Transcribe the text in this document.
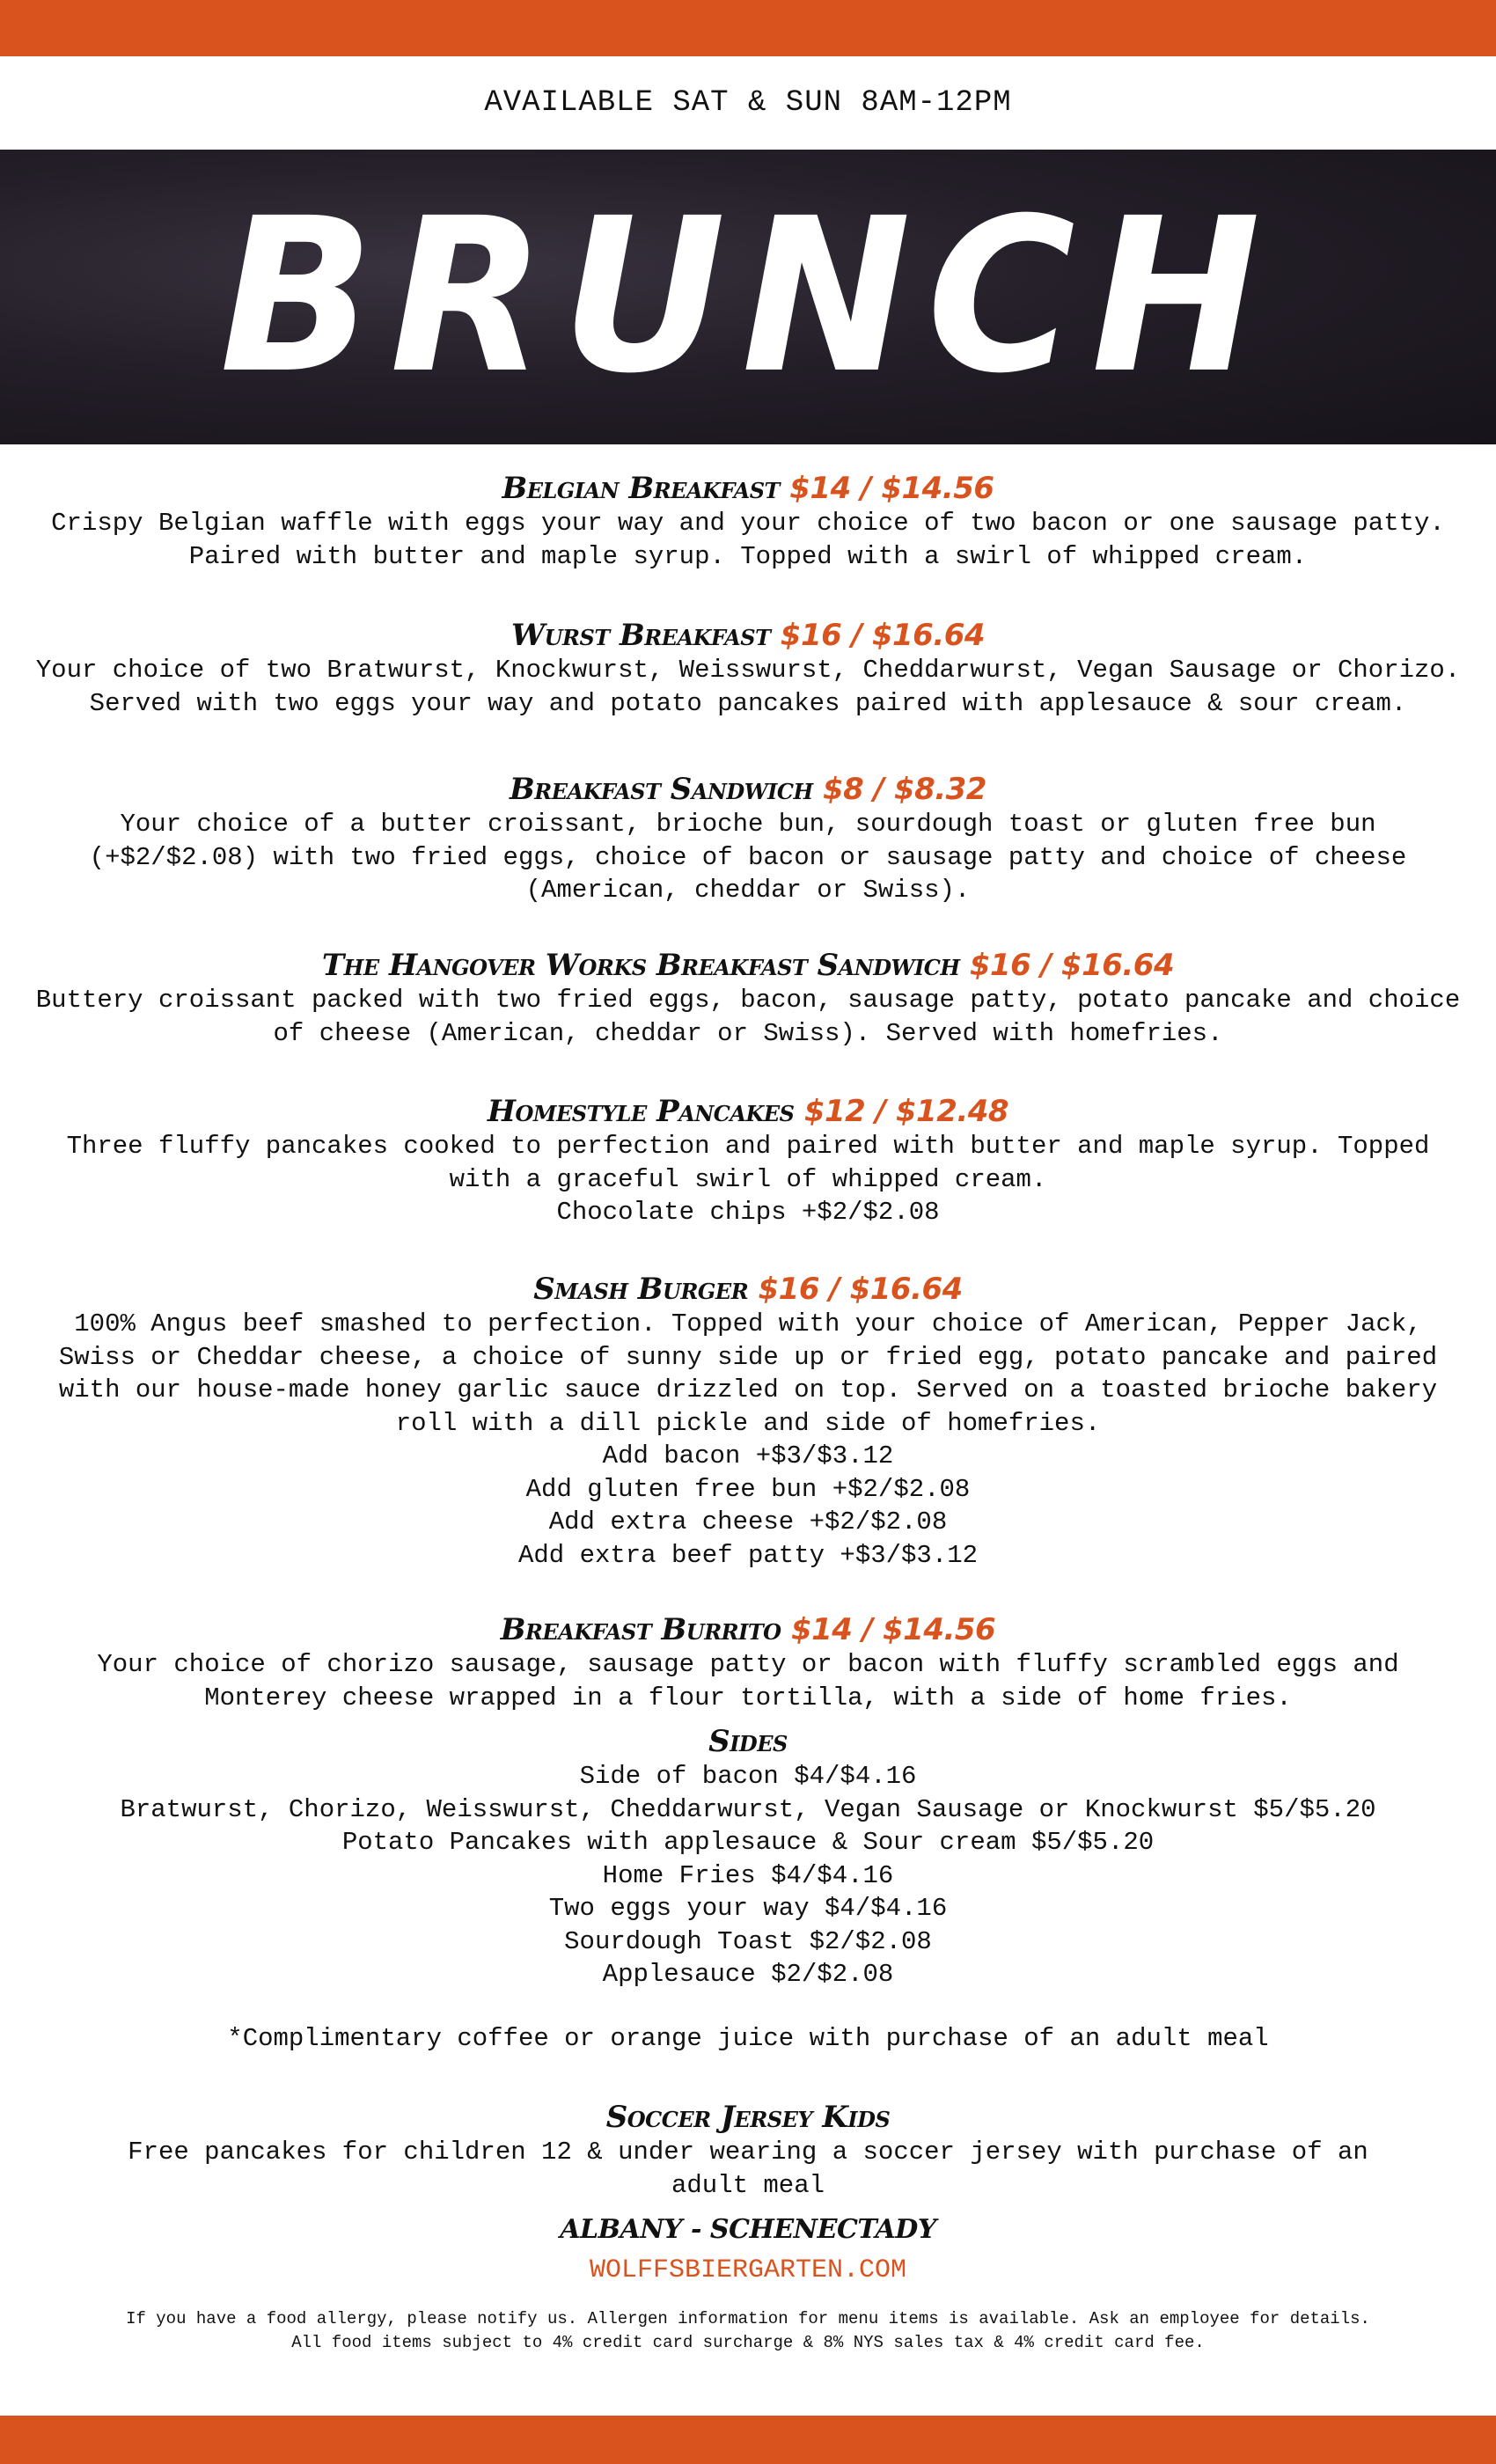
AVAILABLE SAT & SUN 8AM-12PM
BRUNCH
Belgian Breakfast $14 / $14.56
Crispy Belgian waffle with eggs your way and your choice of two bacon or one sausage patty.
Paired with butter and maple syrup. Topped with a swirl of whipped cream.
Wurst Breakfast $16 / $16.64
Your choice of two Bratwurst, Knockwurst, Weisswurst, Cheddarwurst, Vegan Sausage or Chorizo.
Served with two eggs your way and potato pancakes paired with applesauce & sour cream.
Breakfast Sandwich $8 / $8.32
Your choice of a butter croissant, brioche bun, sourdough toast or gluten free bun
(+$2/$2.08) with two fried eggs, choice of bacon or sausage patty and choice of cheese
(American, cheddar or Swiss).
The Hangover Works Breakfast Sandwich $16 / $16.64
Buttery croissant packed with two fried eggs, bacon, sausage patty, potato pancake and choice
of cheese (American, cheddar or Swiss). Served with homefries.
Homestyle Pancakes $12 / $12.48
Three fluffy pancakes cooked to perfection and paired with butter and maple syrup. Topped
with a graceful swirl of whipped cream.
Chocolate chips +$2/$2.08
Smash Burger $16 / $16.64
100% Angus beef smashed to perfection. Topped with your choice of American, Pepper Jack,
Swiss or Cheddar cheese, a choice of sunny side up or fried egg, potato pancake and paired
with our house-made honey garlic sauce drizzled on top. Served on a toasted brioche bakery
roll with a dill pickle and side of homefries.
Add bacon +$3/$3.12
Add gluten free bun +$2/$2.08
Add extra cheese +$2/$2.08
Add extra beef patty +$3/$3.12
Breakfast Burrito $14 / $14.56
Your choice of chorizo sausage, sausage patty or bacon with fluffy scrambled eggs and
Monterey cheese wrapped in a flour tortilla, with a side of home fries.
Sides
Side of bacon $4/$4.16
Bratwurst, Chorizo, Weisswurst, Cheddarwurst, Vegan Sausage or Knockwurst $5/$5.20
Potato Pancakes with applesauce & Sour cream $5/$5.20
Home Fries $4/$4.16
Two eggs your way $4/$4.16
Sourdough Toast $2/$2.08
Applesauce $2/$2.08
*Complimentary coffee or orange juice with purchase of an adult meal
Soccer Jersey Kids
Free pancakes for children 12 & under wearing a soccer jersey with purchase of an
adult meal
ALBANY - SCHENECTADY
WOLFFSBIERGARTEN.COM
If you have a food allergy, please notify us. Allergen information for menu items is available. Ask an employee for details.
All food items subject to 4% credit card surcharge & 8% NYS sales tax & 4% credit card fee.
